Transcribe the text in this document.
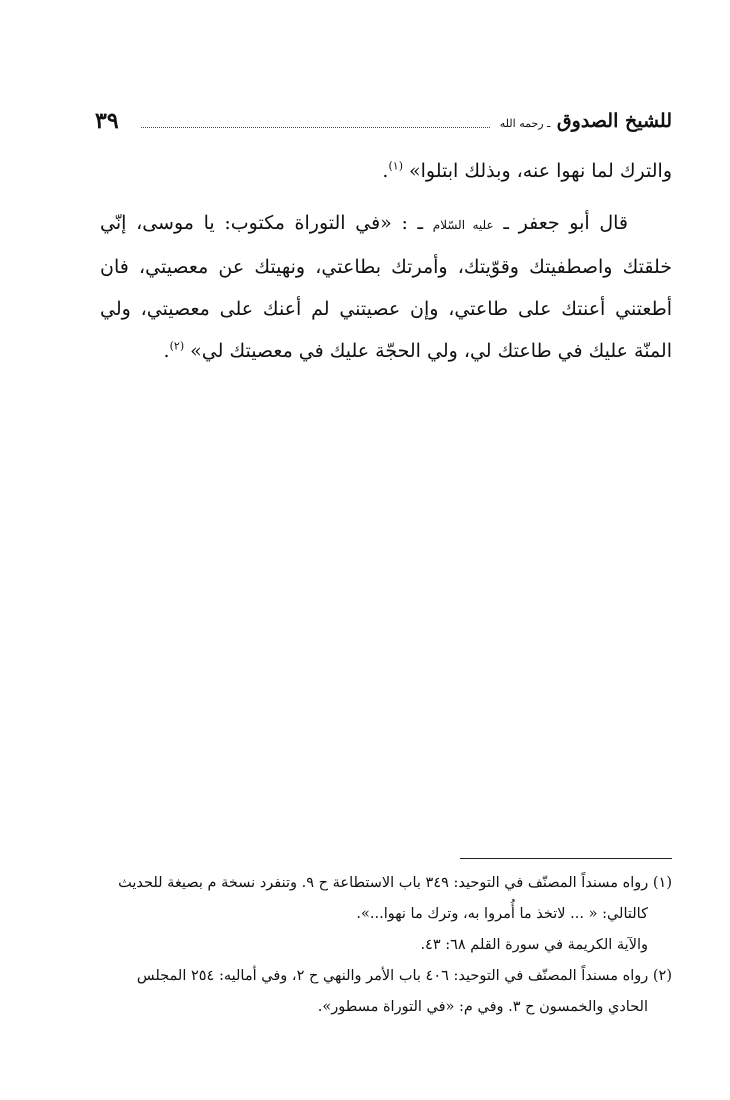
للشيخ الصدوق ـ رحمه الله
٣٩

والترك لما نهوا عنه، وبذلك ابتلوا» $^{(١)}$.

قال أبو جعفر ـ عليه السّلام ـ : «في التوراة مكتوب: يا موسى، إنّي خلقتك واصطفيتك وقوّيتك، وأمرتك بطاعتي، ونهيتك عن معصيتي، فان أطعتني أعنتك على طاعتي، وإن عصيتني لم أعنك على معصيتي، ولي المنّة عليك في طاعتك لي، ولي الحجّة عليك في معصيتك لي» $^{(٢)}$.

(١) رواه مسنداً المصنّف في التوحيد: ٣٤٩ باب الاستطاعة ح ٩. وتنفرد نسخة م بصيغة للحديث

كالتالي: « ... لاتخذ ما أُمروا به، وترك ما نهوا...».

والآية الكريمة في سورة القلم ٦٨: ٤٣.

(٢) رواه مسنداً المصنّف في التوحيد: ٤٠٦ باب الأمر والنهي ح ٢، وفي أماليه: ٢٥٤ المجلس

الحادي والخمسون ح ٣. وفي م: «في التوراة مسطور».
